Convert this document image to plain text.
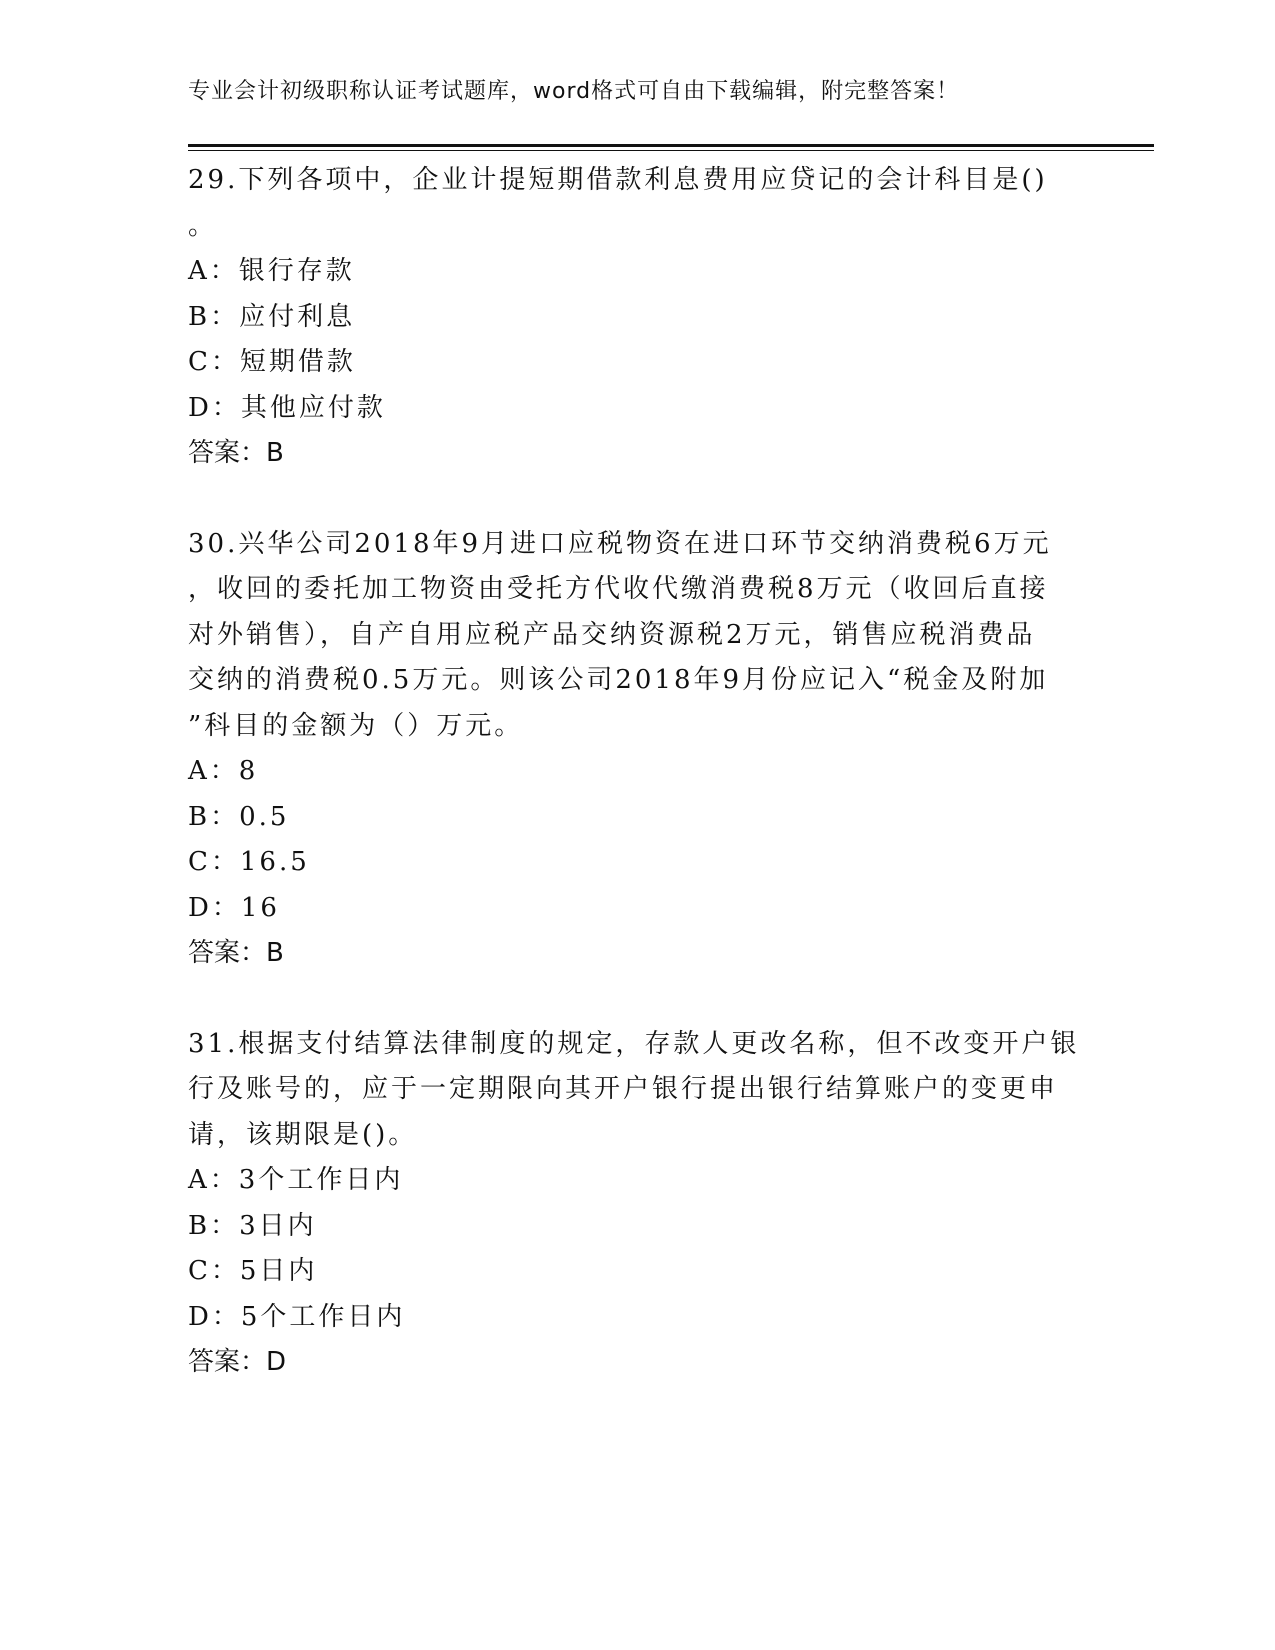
专业会计初级职称认证考试题库，word格式可自由下载编辑，附完整答案！

29.下列各项中，企业计提短期借款利息费用应贷记的会计科目是()

。

A：银行存款

B：应付利息

C：短期借款

D：其他应付款

答案：B

30.兴华公司2018年9月进口应税物资在进口环节交纳消费税6万元

，收回的委托加工物资由受托方代收代缴消费税8万元（收回后直接

对外销售），自产自用应税产品交纳资源税2万元，销售应税消费品

交纳的消费税0.5万元。则该公司2018年9月份应记入“税金及附加

”科目的金额为（）万元。

A：8

B：0.5

C：16.5

D：16

答案：B

31.根据支付结算法律制度的规定，存款人更改名称，但不改变开户银

行及账号的，应于一定期限向其开户银行提出银行结算账户的变更申

请，该期限是()。

A：3个工作日内

B：3日内

C：5日内

D：5个工作日内

答案：D
